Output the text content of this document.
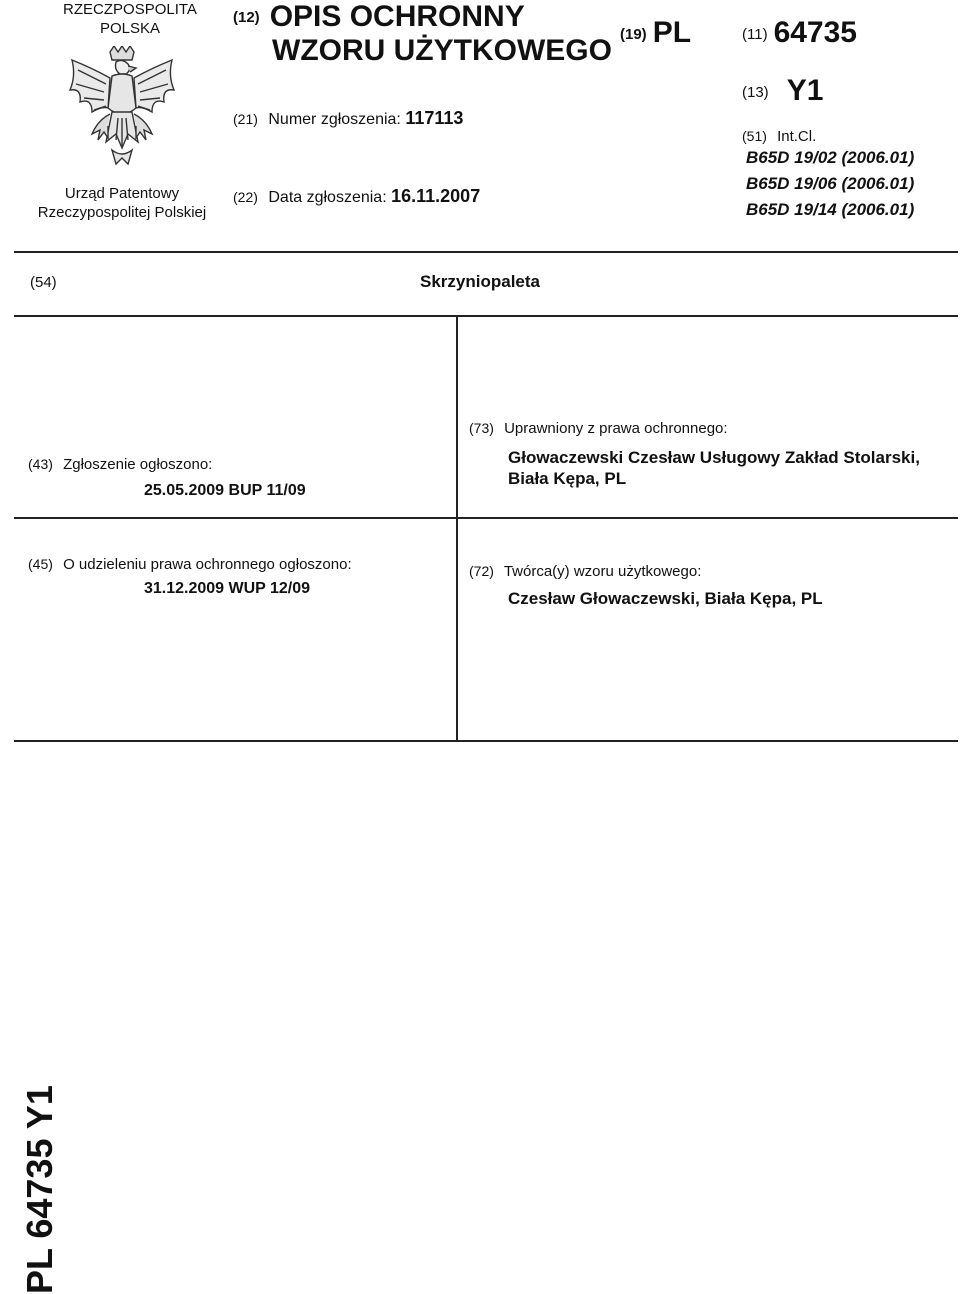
RZECZPOSPOLITA
POLSKA
Urząd Patentowy
Rzeczypospolitej Polskiej
(12) OPIS OCHRONNY
WZORU UŻYTKOWEGO
(21) Numer zgłoszenia: 117113
(22) Data zgłoszenia: 16.11.2007
(19) PL	(11) 64735
(13) Y1
(51) Int.Cl.
B65D 19/02 (2006.01)
B65D 19/06 (2006.01)
B65D 19/14 (2006.01)
(54)	Skrzyniopaleta
(43) Zgłoszenie ogłoszono:
25.05.2009 BUP 11/09
(73) Uprawniony z prawa ochronnego:
Głowaczewski Czesław Usługowy Zakład Stolarski,
Biała Kępa, PL
(45) O udzieleniu prawa ochronnego ogłoszono:
31.12.2009 WUP 12/09
(72) Twórca(y) wzoru użytkowego:
Czesław Głowaczewski, Biała Kępa, PL
PL 64735 Y1
